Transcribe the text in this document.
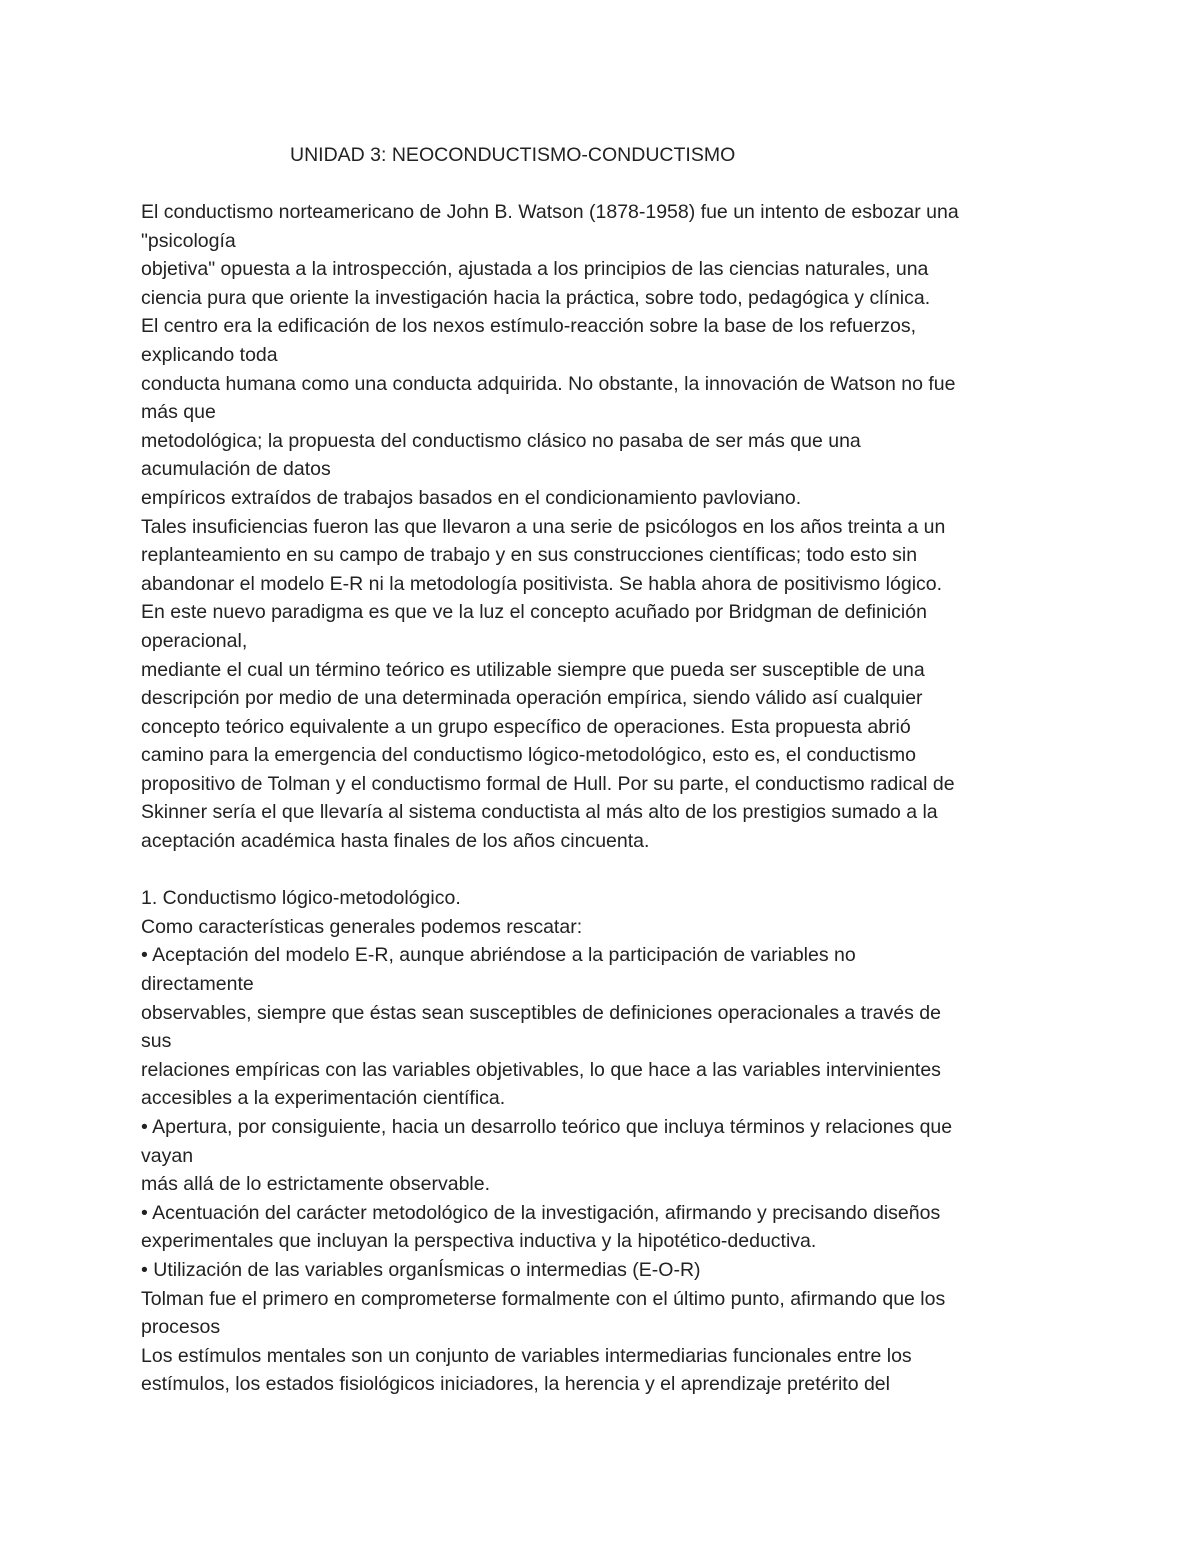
UNIDAD 3: NEOCONDUCTISMO-CONDUCTISMO
El conductismo norteamericano de John B. Watson (1878-1958) fue un intento de esbozar una
"psicología
objetiva" opuesta a la introspección, ajustada a los principios de las ciencias naturales, una
ciencia pura que oriente la investigación hacia la práctica, sobre todo, pedagógica y clínica.
El centro era la edificación de los nexos estímulo-reacción sobre la base de los refuerzos,
explicando toda
conducta humana como una conducta adquirida. No obstante, la innovación de Watson no fue
más que
metodológica; la propuesta del conductismo clásico no pasaba de ser más que una
acumulación de datos
empíricos extraídos de trabajos basados en el condicionamiento pavloviano.
Tales insuficiencias fueron las que llevaron a una serie de psicólogos en los años treinta a un
replanteamiento en su campo de trabajo y en sus construcciones científicas; todo esto sin
abandonar el modelo E-R ni la metodología positivista. Se habla ahora de positivismo lógico.
En este nuevo paradigma es que ve la luz el concepto acuñado por Bridgman de definición
operacional,
mediante el cual un término teórico es utilizable siempre que pueda ser susceptible de una
descripción por medio de una determinada operación empírica, siendo válido así cualquier
concepto teórico equivalente a un grupo específico de operaciones. Esta propuesta abrió
camino para la emergencia del conductismo lógico-metodológico, esto es, el conductismo
propositivo de Tolman y el conductismo formal de Hull. Por su parte, el conductismo radical de
Skinner sería el que llevaría al sistema conductista al más alto de los prestigios sumado a la
aceptación académica hasta finales de los años cincuenta.
1. Conductismo lógico-metodológico.
Como características generales podemos rescatar:
• Aceptación del modelo E-R, aunque abriéndose a la participación de variables no
directamente
observables, siempre que éstas sean susceptibles de definiciones operacionales a través de
sus
relaciones empíricas con las variables objetivables, lo que hace a las variables intervinientes
accesibles a la experimentación científica.
• Apertura, por consiguiente, hacia un desarrollo teórico que incluya términos y relaciones que
vayan
más allá de lo estrictamente observable.
• Acentuación del carácter metodológico de la investigación, afirmando y precisando diseños
experimentales que incluyan la perspectiva inductiva y la hipotético-deductiva.
• Utilización de las variables organÍsmicas o intermedias (E-O-R)
Tolman fue el primero en comprometerse formalmente con el último punto, afirmando que los
procesos
Los estímulos mentales son un conjunto de variables intermediarias funcionales entre los
estímulos, los estados fisiológicos iniciadores, la herencia y el aprendizaje pretérito del
